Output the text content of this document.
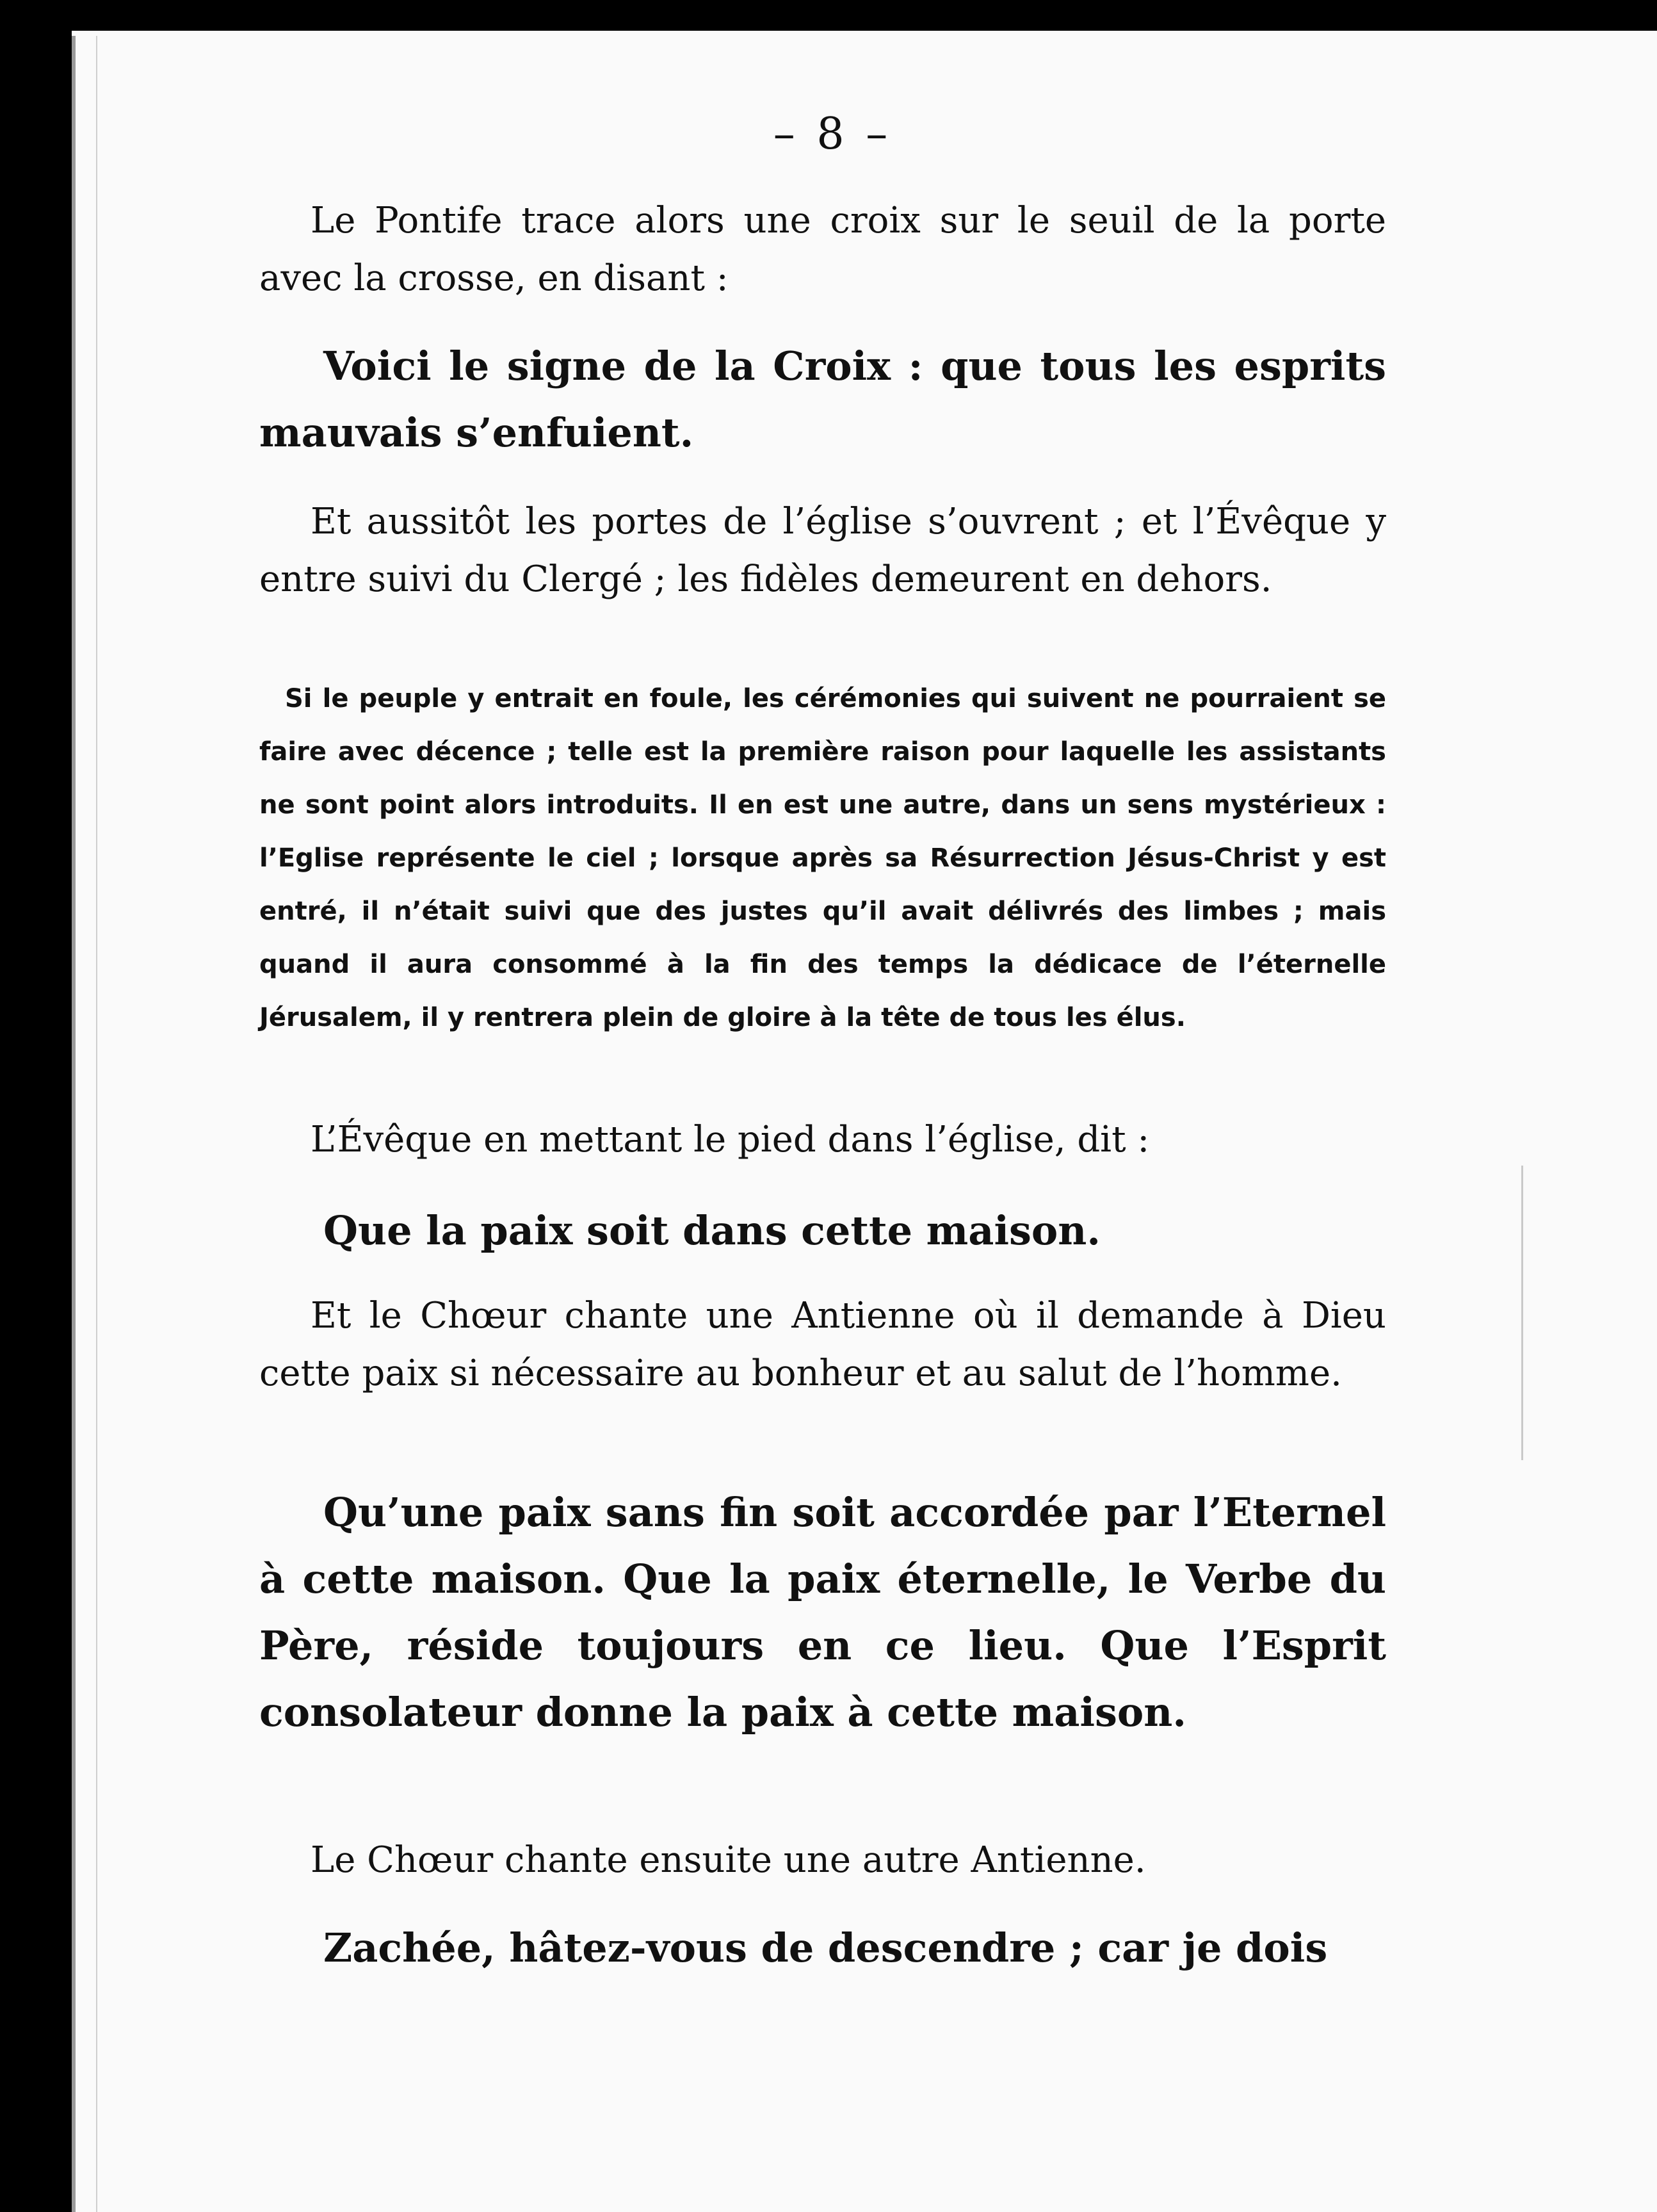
– 8 –

Le Pontife trace alors une croix sur le seuil de la porte avec la crosse, en disant :

Voici le signe de la Croix : que tous les esprits mauvais s’enfuient.

Et aussitôt les portes de l’église s’ouvrent ; et l’Évêque y entre suivi du Clergé ; les fidèles demeurent en dehors.

Si le peuple y entrait en foule, les cérémonies qui suivent ne pourraient se faire avec décence ; telle est la première raison pour laquelle les assistants ne sont point alors introduits. Il en est une autre, dans un sens mystérieux : l’Eglise représente le ciel ; lorsque après sa Résurrection Jésus-Christ y est entré, il n’était suivi que des justes qu’il avait délivrés des limbes ; mais quand il aura consommé à la fin des temps la dédicace de l’éternelle Jérusalem, il y rentrera plein de gloire à la tête de tous les élus.

L’Évêque en mettant le pied dans l’église, dit :

Que la paix soit dans cette maison.

Et le Chœur chante une Antienne où il demande à Dieu cette paix si nécessaire au bonheur et au salut de l’homme.

Qu’une paix sans fin soit accordée par l’Eternel à cette maison. Que la paix éternelle, le Verbe du Père, réside toujours en ce lieu. Que l’Esprit consolateur donne la paix à cette maison.

Le Chœur chante ensuite une autre Antienne.

Zachée, hâtez-vous de descendre ; car je dois
